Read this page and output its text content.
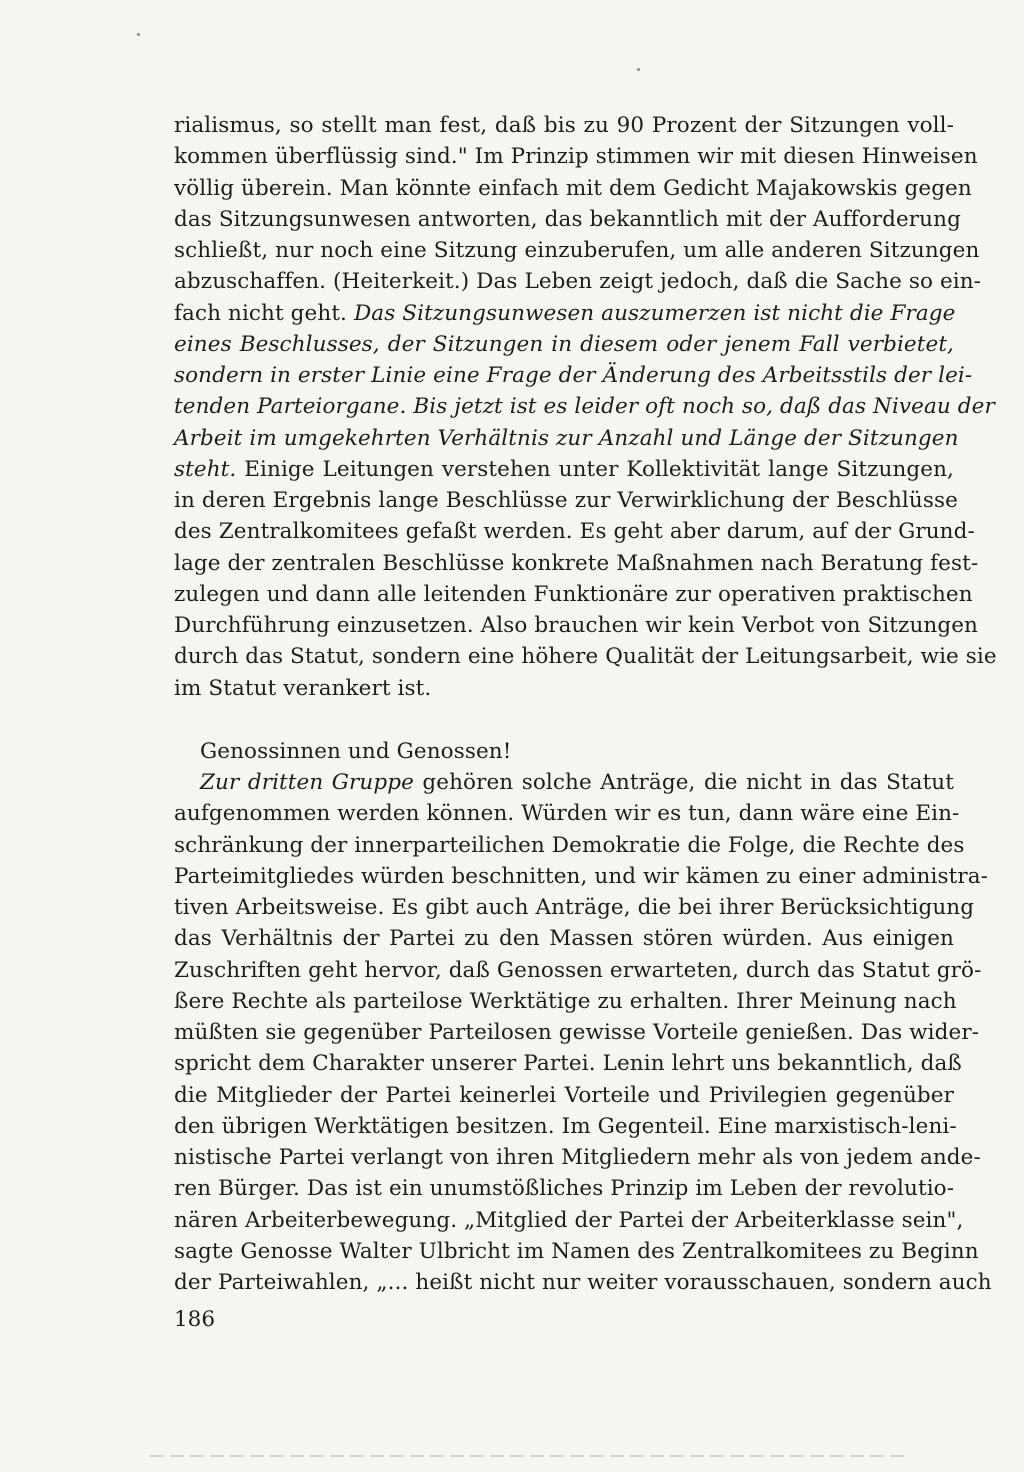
rialismus, so stellt man fest, daß bis zu 90 Prozent der Sitzungen voll-
kommen überflüssig sind." Im Prinzip stimmen wir mit diesen Hinweisen
völlig überein. Man könnte einfach mit dem Gedicht Majakowskis gegen
das Sitzungsunwesen antworten, das bekanntlich mit der Aufforderung
schließt, nur noch eine Sitzung einzuberufen, um alle anderen Sitzungen
abzuschaffen. (Heiterkeit.) Das Leben zeigt jedoch, daß die Sache so ein-
fach nicht geht. Das Sitzungsunwesen auszumerzen ist nicht die Frage
eines Beschlusses, der Sitzungen in diesem oder jenem Fall verbietet,
sondern in erster Linie eine Frage der Änderung des Arbeitsstils der lei-
tenden Parteiorgane. Bis jetzt ist es leider oft noch so, daß das Niveau der
Arbeit im umgekehrten Verhältnis zur Anzahl und Länge der Sitzungen
steht. Einige Leitungen verstehen unter Kollektivität lange Sitzungen,
in deren Ergebnis lange Beschlüsse zur Verwirklichung der Beschlüsse
des Zentralkomitees gefaßt werden. Es geht aber darum, auf der Grund-
lage der zentralen Beschlüsse konkrete Maßnahmen nach Beratung fest-
zulegen und dann alle leitenden Funktionäre zur operativen praktischen
Durchführung einzusetzen. Also brauchen wir kein Verbot von Sitzungen
durch das Statut, sondern eine höhere Qualität der Leitungsarbeit, wie sie
im Statut verankert ist.
Genossinnen und Genossen!
Zur dritten Gruppe gehören solche Anträge, die nicht in das Statut
aufgenommen werden können. Würden wir es tun, dann wäre eine Ein-
schränkung der innerparteilichen Demokratie die Folge, die Rechte des
Parteimitgliedes würden beschnitten, und wir kämen zu einer administra-
tiven Arbeitsweise. Es gibt auch Anträge, die bei ihrer Berücksichtigung
das Verhältnis der Partei zu den Massen stören würden. Aus einigen
Zuschriften geht hervor, daß Genossen erwarteten, durch das Statut grö-
ßere Rechte als parteilose Werktätige zu erhalten. Ihrer Meinung nach
müßten sie gegenüber Parteilosen gewisse Vorteile genießen. Das wider-
spricht dem Charakter unserer Partei. Lenin lehrt uns bekanntlich, daß
die Mitglieder der Partei keinerlei Vorteile und Privilegien gegenüber
den übrigen Werktätigen besitzen. Im Gegenteil. Eine marxistisch-leni-
nistische Partei verlangt von ihren Mitgliedern mehr als von jedem ande-
ren Bürger. Das ist ein unumstößliches Prinzip im Leben der revolutio-
nären Arbeiterbewegung. „Mitglied der Partei der Arbeiterklasse sein",
sagte Genosse Walter Ulbricht im Namen des Zentralkomitees zu Beginn
der Parteiwahlen, „... heißt nicht nur weiter vorausschauen, sondern auch
186
